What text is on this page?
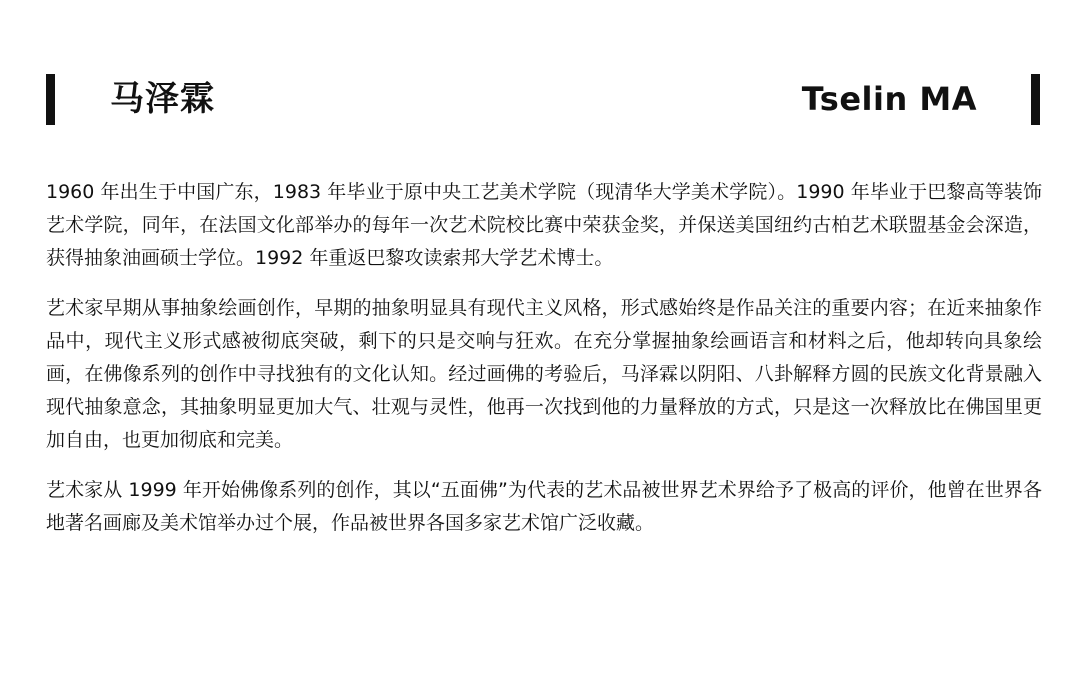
马泽霖	Tselin MA

1960 年出生于中国广东，1983 年毕业于原中央工艺美术学院（现清华大学美术学院）。1990 年毕业于巴黎高等装饰艺术学院，同年，在法国文化部举办的每年一次艺术院校比赛中荣获金奖，并保送美国纽约古柏艺术联盟基金会深造，获得抽象油画硕士学位。1992 年重返巴黎攻读索邦大学艺术博士。

艺术家早期从事抽象绘画创作，早期的抽象明显具有现代主义风格，形式感始终是作品关注的重要内容；在近来抽象作品中，现代主义形式感被彻底突破，剩下的只是交响与狂欢。在充分掌握抽象绘画语言和材料之后，他却转向具象绘画，在佛像系列的创作中寻找独有的文化认知。经过画佛的考验后，马泽霖以阴阳、八卦解释方圆的民族文化背景融入现代抽象意念，其抽象明显更加大气、壮观与灵性，他再一次找到他的力量释放的方式，只是这一次释放比在佛国里更加自由，也更加彻底和完美。

艺术家从 1999 年开始佛像系列的创作，其以“五面佛”为代表的艺术品被世界艺术界给予了极高的评价，他曾在世界各地著名画廊及美术馆举办过个展，作品被世界各国多家艺术馆广泛收藏。
